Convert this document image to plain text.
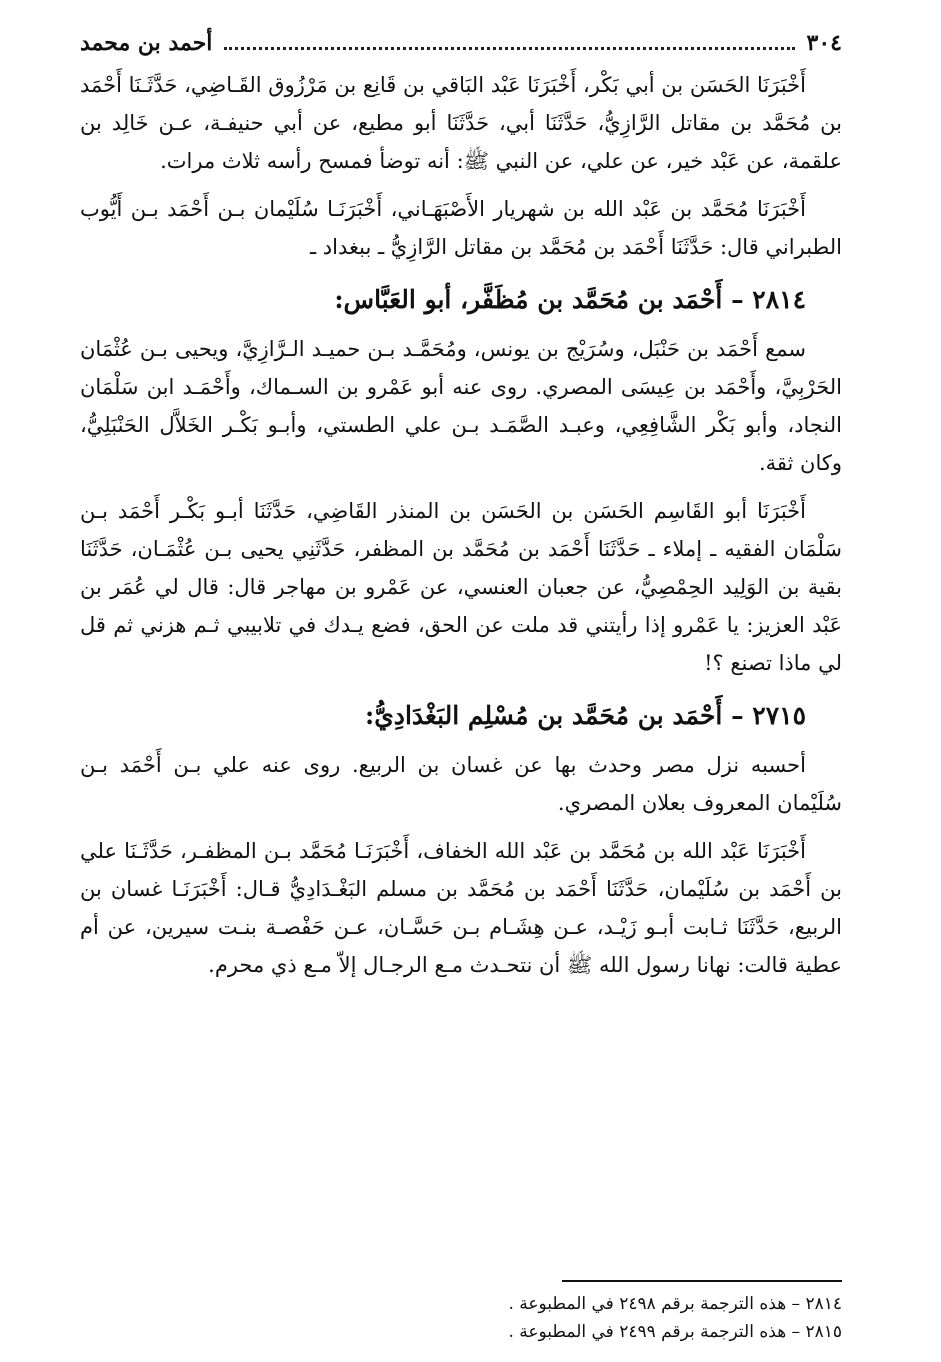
٣٠٤
أحمد بن محمد

أَخْبَرَنَا الحَسَن بن أبي بَكْر، أَخْبَرَنَا عَبْد البَاقي بن قَانِع بن مَرْزُوق القَـاضِي، حَدَّثَـنَا أَحْمَد بن مُحَمَّد بن مقاتل الرَّازِيُّ، حَدَّثَنَا أبي، حَدَّثَنَا أبو مطيع، عن أبي حنيفـة، عـن خَالِد بن علقمة، عن عَبْد خير، عن علي، عن النبي ﷺ: أنه توضأ فمسح رأسه ثلاث مرات.

أَخْبَرَنَا مُحَمَّد بن عَبْد الله بن شهريار الأَصْبَهَـاني، أَخْبَرَنَـا سُلَيْمان بـن أَحْمَد بـن أَيُّوب الطبراني قال: حَدَّثَنَا أَحْمَد بن مُحَمَّد بن مقاتل الرَّازِيُّ ـ ببغداد ـ

٢٨١٤ – أَحْمَد بن مُحَمَّد بن مُظَفَّر، أبو العَبَّاس:

سمع أَحْمَد بن حَنْبَل، وسُرَيْج بن يونس، ومُحَمَّـد بـن حميـد الـرَّازِيَّ، ويحيى بـن عُثْمَان الحَرْبِيَّ، وأَحْمَد بن عِيسَى المصري. روى عنه أبو عَمْرو بن السـماك، وأَحْمَـد ابن سَلْمَان النجاد، وأبو بَكْر الشَّافِعِي، وعبـد الصَّمَـد بـن علي الطستي، وأبـو بَكْـر الخَلاَّل الحَنْبَلِيُّ، وكان ثقة.

أَخْبَرَنَا أبو القَاسِم الحَسَن بن الحَسَن بن المنذر القَاضِي، حَدَّثَنَا أبـو بَكْـر أَحْمَد بـن سَلْمَان الفقيه ـ إملاء ـ حَدَّثَنَا أَحْمَد بن مُحَمَّد بن المظفر، حَدَّثَنِي يحيى بـن عُثْمَـان، حَدَّثَنَا بقية بن الوَلِيد الحِمْصِيُّ، عن جعبان العنسي، عن عَمْرو بن مهاجر قال: قال لي عُمَر بن عَبْد العزيز: يا عَمْرو إذا رأيتني قد ملت عن الحق، فضع يـدك في تلابيبي ثـم هزني ثم قل لي ماذا تصنع ؟!

٢٧١٥ – أَحْمَد بن مُحَمَّد بن مُسْلِم البَغْدَادِيُّ:

أحسبه نزل مصر وحدث بها عن غسان بن الربيع. روى عنه علي بـن أَحْمَد بـن سُلَيْمان المعروف بعلان المصري.

أَخْبَرَنَا عَبْد الله بن مُحَمَّد بن عَبْد الله الخفاف، أَخْبَرَنَـا مُحَمَّد بـن المظفـر، حَدَّثَـنَا علي بن أَحْمَد بن سُلَيْمان، حَدَّثَنَا أَحْمَد بن مُحَمَّد بن مسلم البَغْـدَادِيُّ قـال: أَخْبَرَنَـا غسان بن الربيع، حَدَّثَنَا ثـابت أبـو زَيْـد، عـن هِشَـام بـن حَسَّـان، عـن حَفْصـة بنـت سيرين، عن أم عطية قالت: نهانا رسول الله ﷺ أن نتحـدث مـع الرجـال إلاّ مـع ذي محرم.

٢٨١٤ – هذه الترجمة برقم ٢٤٩٨ في المطبوعة .

٢٨١٥ – هذه الترجمة برقم ٢٤٩٩ في المطبوعة .
